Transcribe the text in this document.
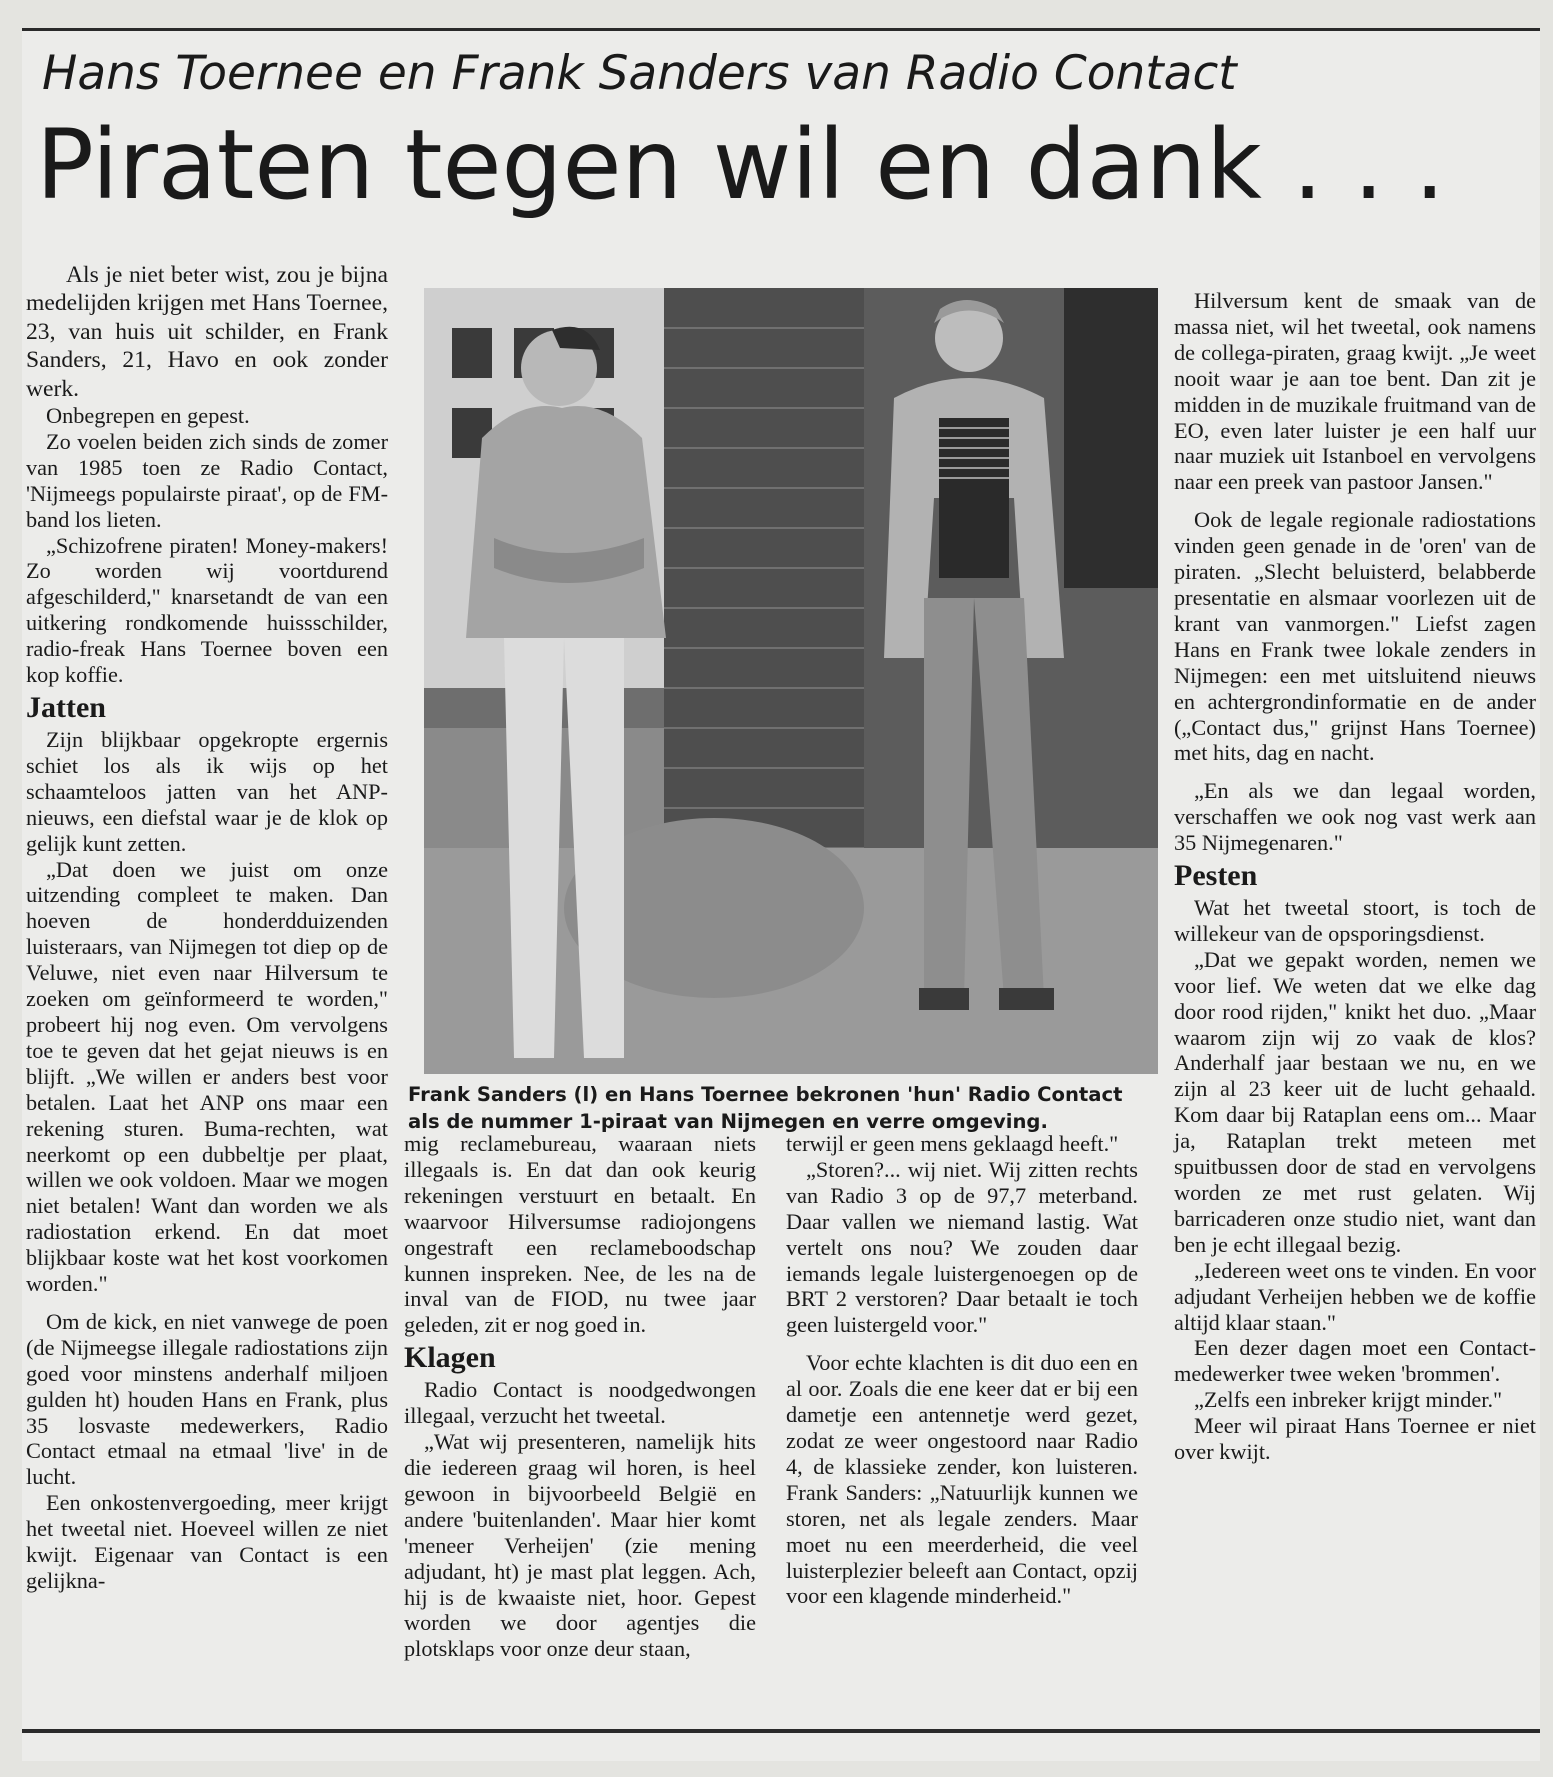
Hans Toernee en Frank Sanders van Radio Contact
Piraten tegen wil en dank . . .

Als je niet beter wist, zou je bijna medelijden krijgen met Hans Toernee, 23, van huis uit schilder, en Frank Sanders, 21, Havo en ook zonder werk.

Onbegrepen en gepest.

Zo voelen beiden zich sinds de zomer van 1985 toen ze Radio Contact, 'Nijmeegs populairste piraat', op de FM-band los lieten.

„Schizofrene piraten! Money-makers! Zo worden wij voortdurend afgeschilderd," knarsetandt de van een uitkering rondkomende huissschilder, radio-freak Hans Toernee boven een kop koffie.

Jatten

Zijn blijkbaar opgekropte ergernis schiet los als ik wijs op het schaamteloos jatten van het ANP-nieuws, een diefstal waar je de klok op gelijk kunt zetten.

„Dat doen we juist om onze uitzending compleet te maken. Dan hoeven de honderdduizenden luisteraars, van Nijmegen tot diep op de Veluwe, niet even naar Hilversum te zoeken om geïnformeerd te worden," probeert hij nog even. Om vervolgens toe te geven dat het gejat nieuws is en blijft. „We willen er anders best voor betalen. Laat het ANP ons maar een rekening sturen. Buma-rechten, wat neerkomt op een dubbeltje per plaat, willen we ook voldoen. Maar we mogen niet betalen! Want dan worden we als radiostation erkend. En dat moet blijkbaar koste wat het kost voorkomen worden."

Om de kick, en niet vanwege de poen (de Nijmeegse illegale radiostations zijn goed voor minstens anderhalf miljoen gulden ht) houden Hans en Frank, plus 35 losvaste medewerkers, Radio Contact etmaal na etmaal 'live' in de lucht.

Een onkostenvergoeding, meer krijgt het tweetal niet. Hoeveel willen ze niet kwijt. Eigenaar van Contact is een gelijkna-

Frank Sanders (l) en Hans Toernee bekronen 'hun' Radio Contact
als de nummer 1-piraat van Nijmegen en verre omgeving.

mig reclamebureau, waaraan niets illegaals is. En dat dan ook keurig rekeningen verstuurt en betaalt. En waarvoor Hilversumse radiojongens ongestraft een reclameboodschap kunnen inspreken. Nee, de les na de inval van de FIOD, nu twee jaar geleden, zit er nog goed in.

Klagen

Radio Contact is noodgedwongen illegaal, verzucht het tweetal.

„Wat wij presenteren, namelijk hits die iedereen graag wil horen, is heel gewoon in bijvoorbeeld België en andere 'buitenlanden'. Maar hier komt 'meneer Verheijen' (zie mening adjudant, ht) je mast plat leggen. Ach, hij is de kwaaiste niet, hoor. Gepest worden we door agentjes die plotsklaps voor onze deur staan,

terwijl er geen mens geklaagd heeft."

„Storen?... wij niet. Wij zitten rechts van Radio 3 op de 97,7 meterband. Daar vallen we niemand lastig. Wat vertelt ons nou? We zouden daar iemands legale luistergenoegen op de BRT 2 verstoren? Daar betaalt ie toch geen luistergeld voor."

Voor echte klachten is dit duo een en al oor. Zoals die ene keer dat er bij een dametje een antennetje werd gezet, zodat ze weer ongestoord naar Radio 4, de klassieke zender, kon luisteren. Frank Sanders: „Natuurlijk kunnen we storen, net als legale zenders. Maar moet nu een meerderheid, die veel luisterplezier beleeft aan Contact, opzij voor een klagende minderheid."

Hilversum kent de smaak van de massa niet, wil het tweetal, ook namens de collega-piraten, graag kwijt. „Je weet nooit waar je aan toe bent. Dan zit je midden in de muzikale fruitmand van de EO, even later luister je een half uur naar muziek uit Istanboel en vervolgens naar een preek van pastoor Jansen."

Ook de legale regionale radiostations vinden geen genade in de 'oren' van de piraten. „Slecht beluisterd, belabberde presentatie en alsmaar voorlezen uit de krant van vanmorgen." Liefst zagen Hans en Frank twee lokale zenders in Nijmegen: een met uitsluitend nieuws en achtergrondinformatie en de ander („Contact dus," grijnst Hans Toernee) met hits, dag en nacht.

„En als we dan legaal worden, verschaffen we ook nog vast werk aan 35 Nijmegenaren."

Pesten

Wat het tweetal stoort, is toch de willekeur van de opsporingsdienst.

„Dat we gepakt worden, nemen we voor lief. We weten dat we elke dag door rood rijden," knikt het duo. „Maar waarom zijn wij zo vaak de klos? Anderhalf jaar bestaan we nu, en we zijn al 23 keer uit de lucht gehaald. Kom daar bij Rataplan eens om... Maar ja, Rataplan trekt meteen met spuitbussen door de stad en vervolgens worden ze met rust gelaten. Wij barricaderen onze studio niet, want dan ben je echt illegaal bezig.

„Iedereen weet ons te vinden. En voor adjudant Verheijen hebben we de koffie altijd klaar staan."

Een dezer dagen moet een Contact-medewerker twee weken 'brommen'.

„Zelfs een inbreker krijgt minder."

Meer wil piraat Hans Toernee er niet over kwijt.
